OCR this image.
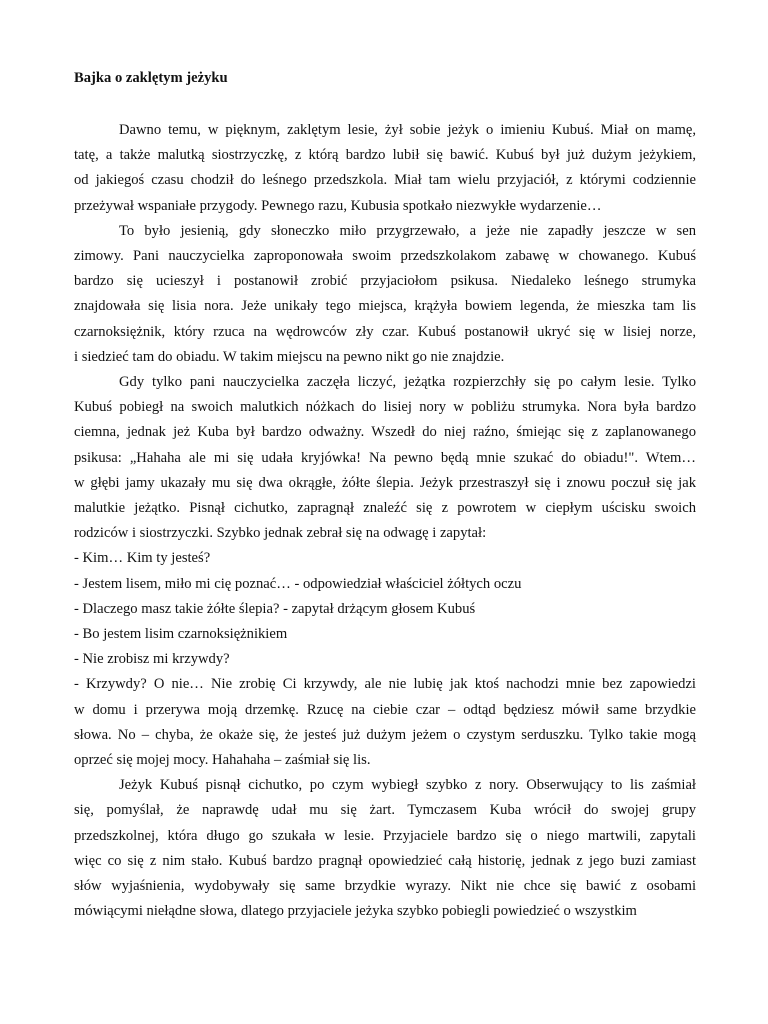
Bajka o zaklętym jeżyku
Dawno temu, w pięknym, zaklętym lesie, żył sobie jeżyk o imieniu Kubuś. Miał on mamę,
tatę, a także malutką siostrzyczkę, z którą bardzo lubił się bawić. Kubuś był już dużym jeżykiem,
od jakiegoś czasu chodził do leśnego przedszkola. Miał tam wielu przyjaciół, z którymi codziennie
przeżywał wspaniałe przygody. Pewnego razu, Kubusia spotkało niezwykłe wydarzenie…
To było jesienią, gdy słoneczko miło przygrzewało, a jeże nie zapadły jeszcze w sen
zimowy. Pani nauczycielka zaproponowała swoim przedszkolakom zabawę w chowanego. Kubuś
bardzo się ucieszył i postanowił zrobić przyjaciołom psikusa. Niedaleko leśnego strumyka
znajdowała się lisia nora. Jeże unikały tego miejsca, krążyła bowiem legenda, że mieszka tam lis
czarnoksiężnik, który rzuca na wędrowców zły czar. Kubuś postanowił ukryć się w lisiej norze,
i siedzieć tam do obiadu. W takim miejscu na pewno nikt go nie znajdzie.
Gdy tylko pani nauczycielka zaczęła liczyć, jeżątka rozpierzchły się po całym lesie. Tylko
Kubuś pobiegł na swoich malutkich nóżkach do lisiej nory w pobliżu strumyka. Nora była bardzo
ciemna, jednak jeż Kuba był bardzo odważny. Wszedł do niej raźno, śmiejąc się z zaplanowanego
psikusa: „Hahaha ale mi się udała kryjówka! Na pewno będą mnie szukać do obiadu!". Wtem…
w głębi jamy ukazały mu się dwa okrągłe, żółte ślepia. Jeżyk przestraszył się i znowu poczuł się jak
malutkie jeżątko. Pisnął cichutko, zapragnął znaleźć się z powrotem w ciepłym uścisku swoich
rodziców i siostrzyczki. Szybko jednak zebrał się na odwagę i zapytał:
- Kim… Kim ty jesteś?
- Jestem lisem, miło mi cię poznać… - odpowiedział właściciel żółtych oczu
- Dlaczego masz takie żółte ślepia? - zapytał drżącym głosem Kubuś
- Bo jestem lisim czarnoksiężnikiem
- Nie zrobisz mi krzywdy?
- Krzywdy? O nie… Nie zrobię Ci krzywdy, ale nie lubię jak ktoś nachodzi mnie bez zapowiedzi
w domu i przerywa moją drzemkę. Rzucę na ciebie czar – odtąd będziesz mówił same brzydkie
słowa. No – chyba, że okaże się, że jesteś już dużym jeżem o czystym serduszku. Tylko takie mogą
oprzeć się mojej mocy. Hahahaha – zaśmiał się lis.
Jeżyk Kubuś pisnął cichutko, po czym wybiegł szybko z nory. Obserwujący to lis zaśmiał
się, pomyślał, że naprawdę udał mu się żart. Tymczasem Kuba wrócił do swojej grupy
przedszkolnej, która długo go szukała w lesie. Przyjaciele bardzo się o niego martwili, zapytali
więc co się z nim stało. Kubuś bardzo pragnął opowiedzieć całą historię, jednak z jego buzi zamiast
słów wyjaśnienia, wydobywały się same brzydkie wyrazy. Nikt nie chce się bawić z osobami
mówiącymi niełądne słowa, dlatego przyjaciele jeżyka szybko pobiegli powiedzieć o wszystkim
